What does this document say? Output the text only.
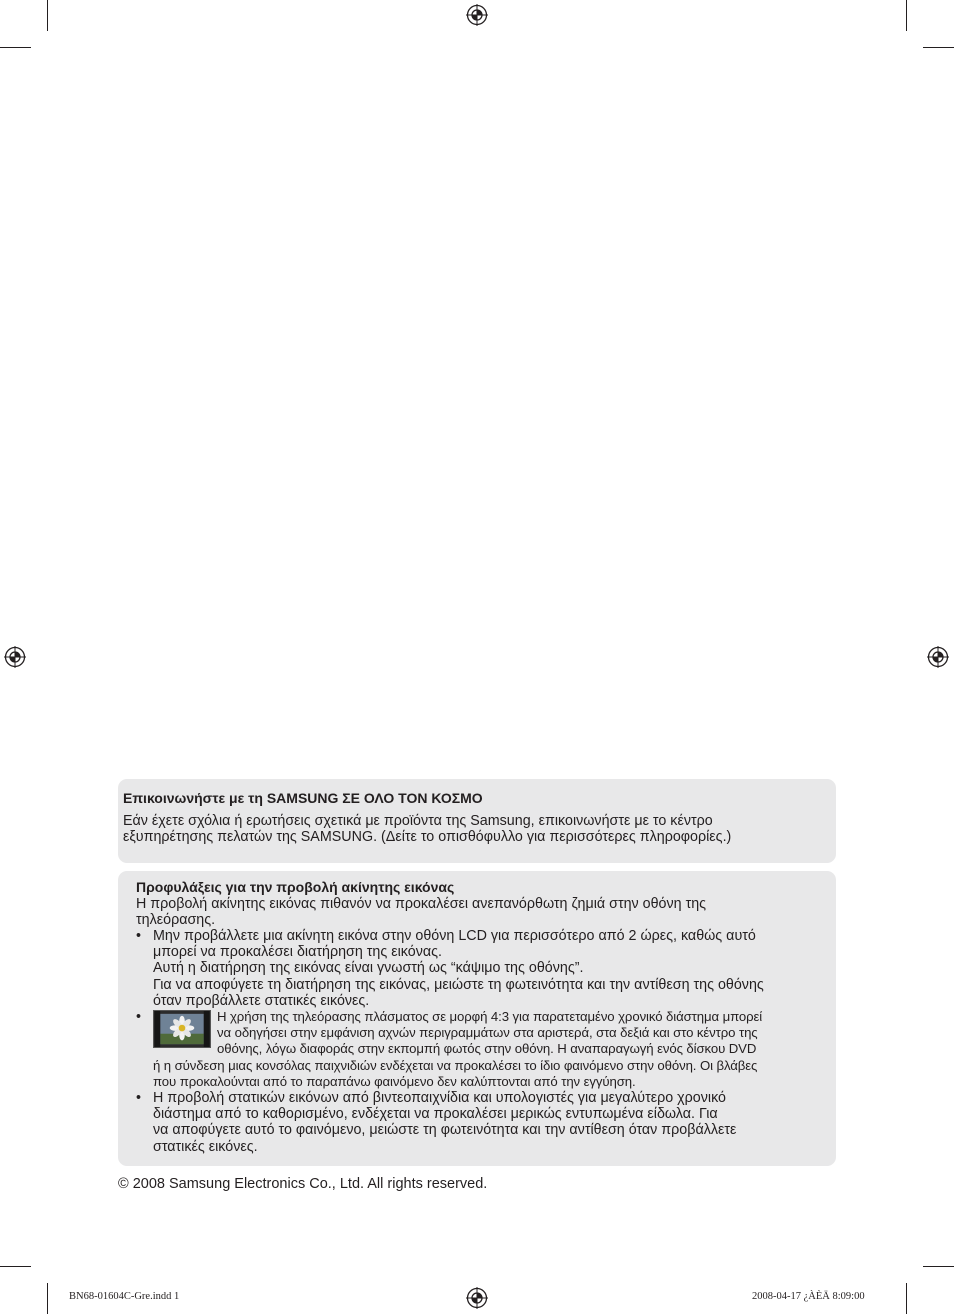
Επικοινωνήστε με τη SAMSUNG ΣΕ ΟΛΟ ΤΟΝ ΚΟΣΜΟ

Εάν έχετε σχόλια ή ερωτήσεις σχετικά με προϊόντα της Samsung, επικοινωνήστε με το κέντρο

εξυπηρέτησης πελατών της SAMSUNG. (Δείτε το οπισθόφυλλο για περισσότερες πληροφορίες.)

Προφυλάξεις για την προβολή ακίνητης εικόνας

Η προβολή ακίνητης εικόνας πιθανόν να προκαλέσει ανεπανόρθωτη ζημιά στην οθόνη της

τηλεόρασης.

• Μην προβάλλετε μια ακίνητη εικόνα στην οθόνη LCD για περισσότερο από 2 ώρες, καθώς αυτό
μπορεί να προκαλέσει διατήρηση της εικόνας.
Αυτή η διατήρηση της εικόνας είναι γνωστή ως “κάψιμο της οθόνης”.
Για να αποφύγετε τη διατήρηση της εικόνας, μειώστε τη φωτεινότητα και την αντίθεση της οθόνης
όταν προβάλλετε στατικές εικόνες.
•	Η χρήση της τηλεόρασης πλάσματος σε μορφή 4:3 για παρατεταμένο χρονικό διάστημα μπορεί
να οδηγήσει στην εμφάνιση αχνών περιγραμμάτων στα αριστερά, στα δεξιά και στο κέντρο της
οθόνης, λόγω διαφοράς στην εκπομπή φωτός στην οθόνη. Η αναπαραγωγή ενός δίσκου DVD
ή η σύνδεση μιας κονσόλας παιχνιδιών ενδέχεται να προκαλέσει το ίδιο φαινόμενο στην οθόνη. Οι βλάβες
που προκαλούνται από το παραπάνω φαινόμενο δεν καλύπτονται από την εγγύηση.
• Η προβολή στατικών εικόνων από βιντεοπαιχνίδια και υπολογιστές για μεγαλύτερο χρονικό
διάστημα από το καθορισμένο, ενδέχεται να προκαλέσει μερικώς εντυπωμένα είδωλα. Για
να αποφύγετε αυτό το φαινόμενο, μειώστε τη φωτεινότητα και την αντίθεση όταν προβάλλετε
στατικές εικόνες.

© 2008 Samsung Electronics Co., Ltd. All rights reserved.

BN68-01604C-Gre.indd 1	2008-04-17 ¿ÀÈÄ 8:09:00
